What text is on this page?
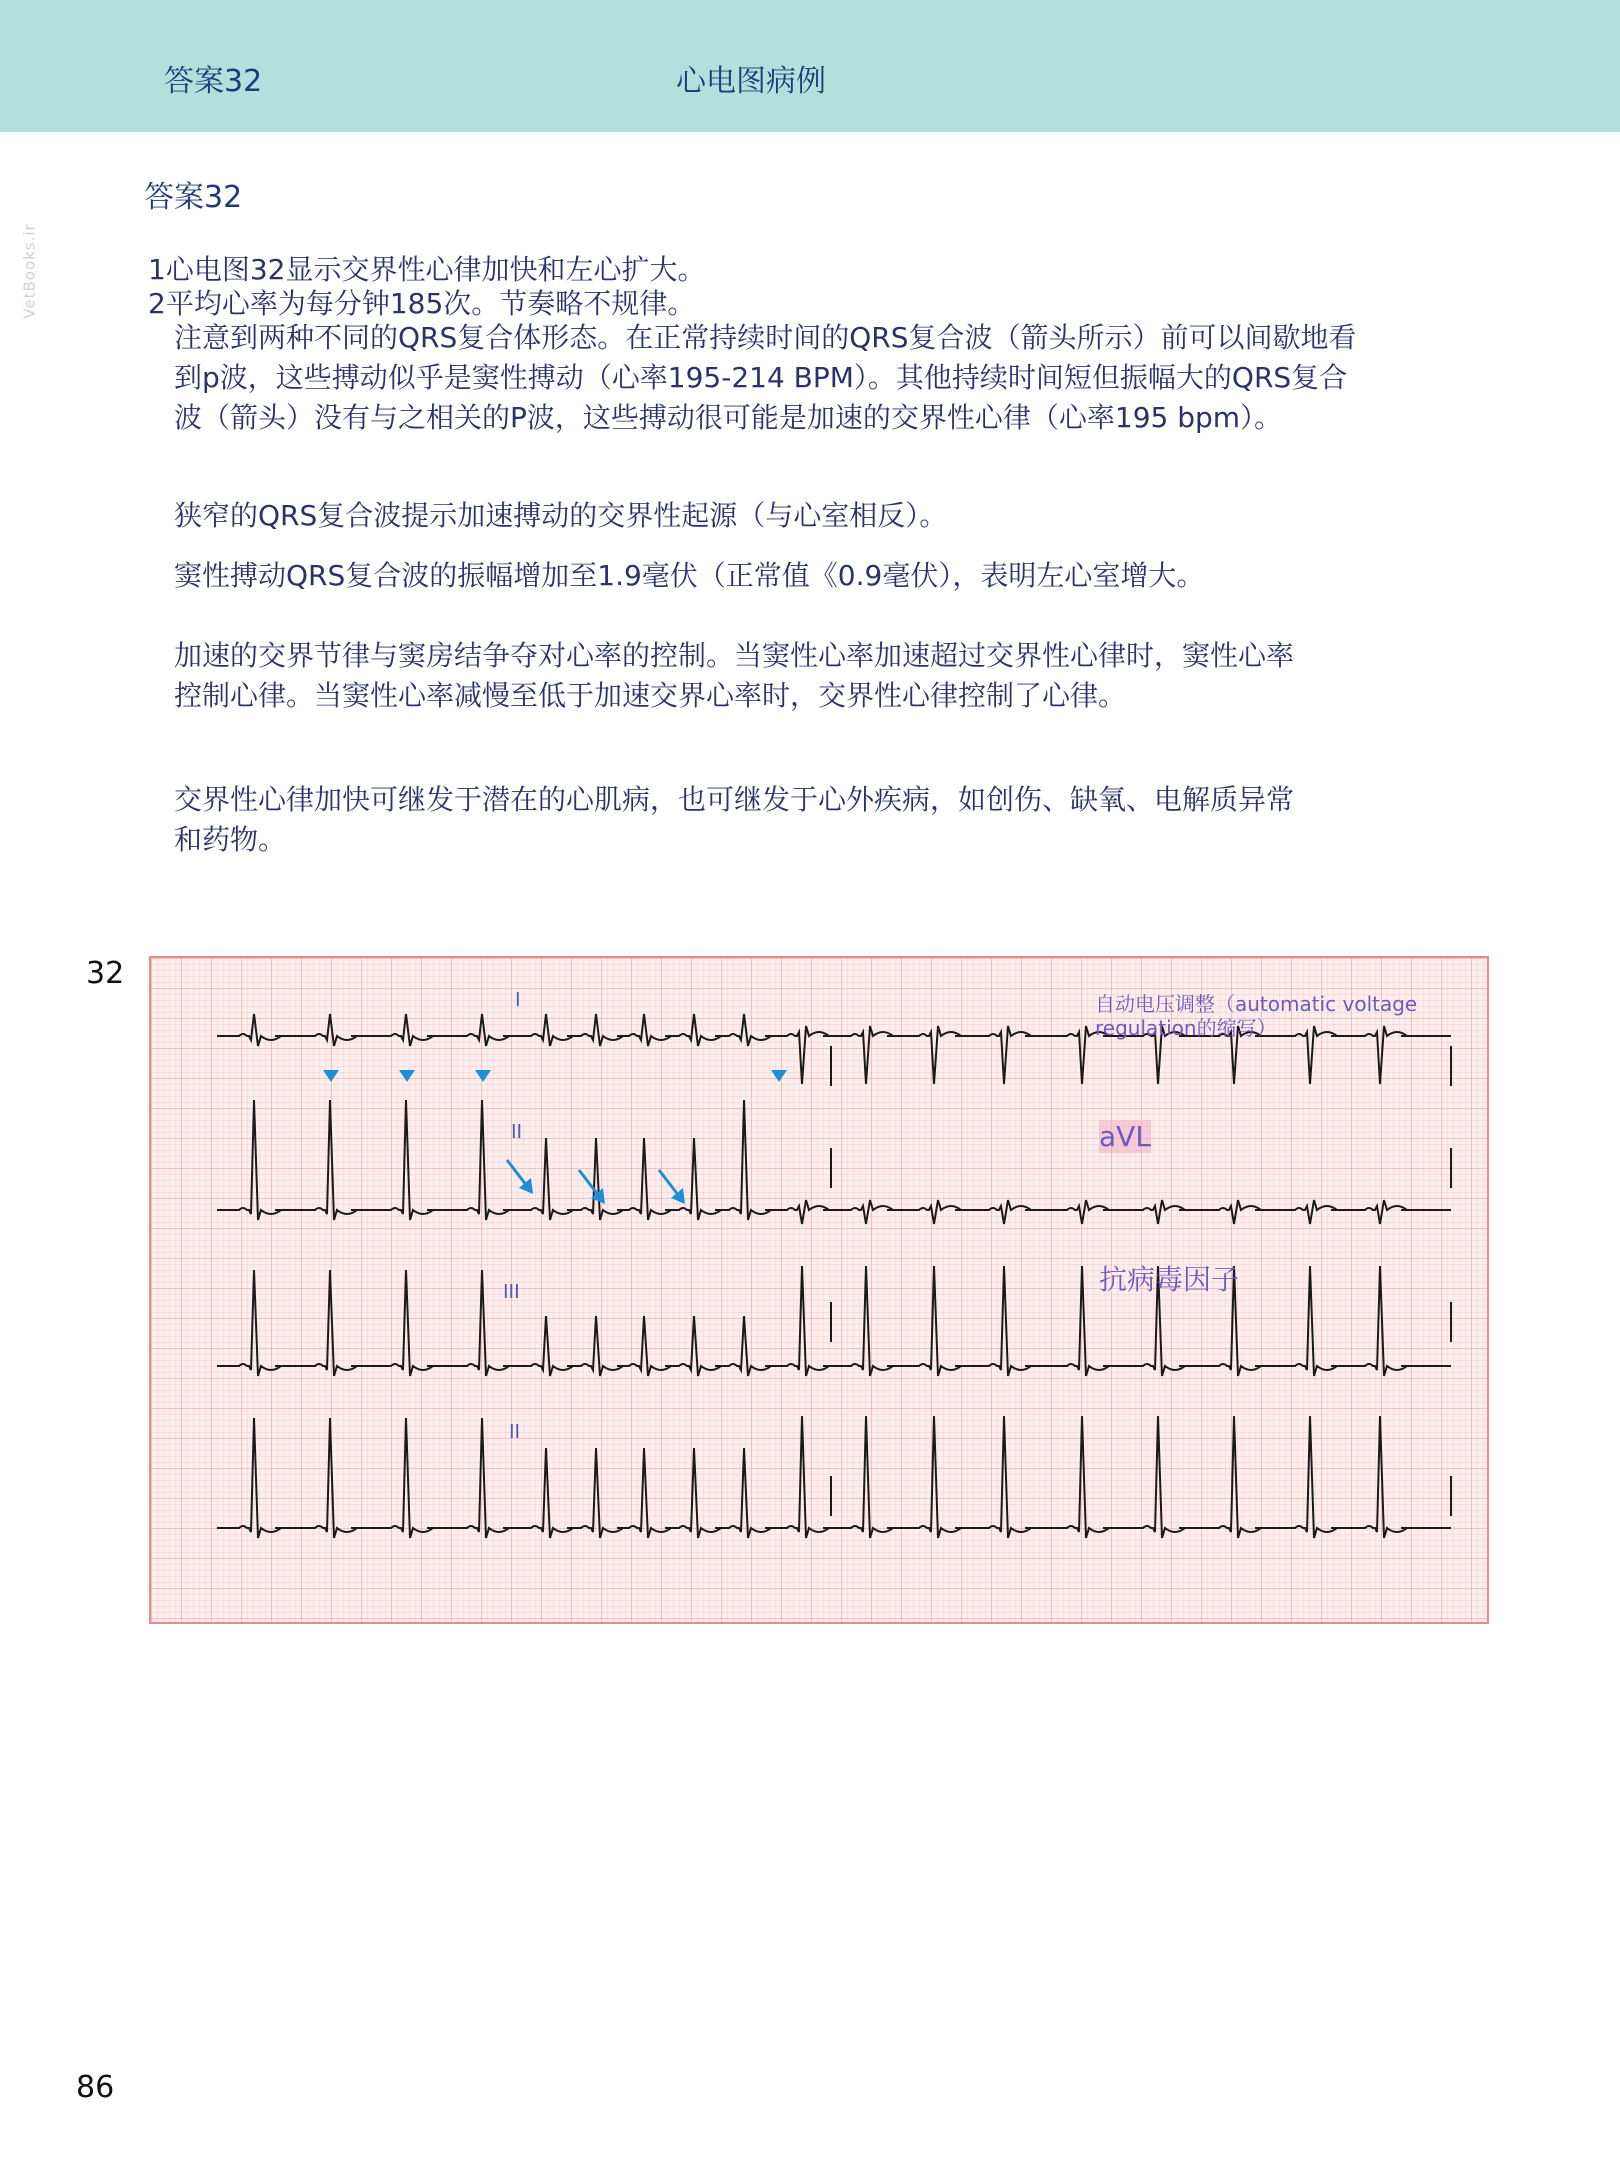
答案32	心电图病例
VetBooks.ir
答案32
1心电图32显示交界性心律加快和左心扩大。
2平均心率为每分钟185次。节奏略不规律。
注意到两种不同的QRS复合体形态。在正常持续时间的QRS复合波（箭头所示）前可以间歇地看
到p波，这些搏动似乎是窦性搏动（心率195-214 BPM）。其他持续时间短但振幅大的QRS复合
波（箭头）没有与之相关的P波，这些搏动很可能是加速的交界性心律（心率195 bpm）。
狭窄的QRS复合波提示加速搏动的交界性起源（与心室相反）。
窦性搏动QRS复合波的振幅增加至1.9毫伏（正常值《0.9毫伏），表明左心室增大。
加速的交界节律与窦房结争夺对心率的控制。当窦性心率加速超过交界性心律时，窦性心率
控制心律。当窦性心率减慢至低于加速交界心率时，交界性心律控制了心律。
交界性心律加快可继发于潜在的心肌病，也可继发于心外疾病，如创伤、缺氧、电解质异常
和药物。
32
I
II
III
II
自动电压调整（automatic voltage regulation的缩写）
aVL
抗病毒因子
86
